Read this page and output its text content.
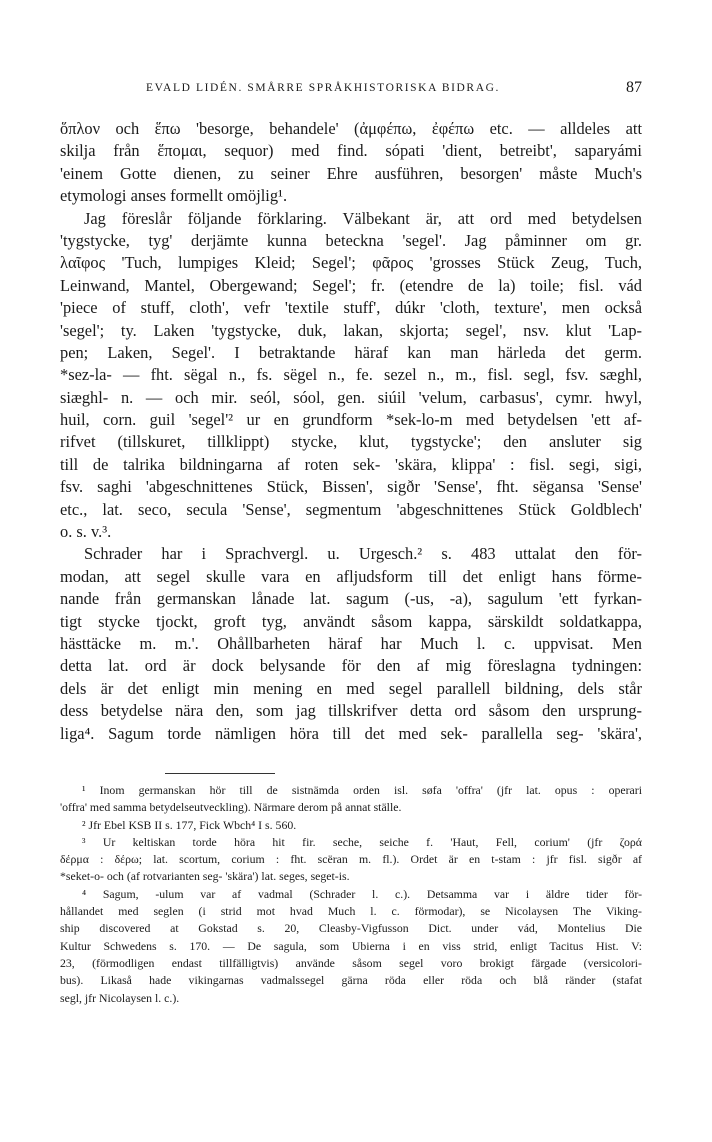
EVALD LIDÉN. SMÅRRE SPRÅKHISTORISKA BIDRAG.	87
ὅπλον och ἕπω 'besorge, behandele' (ἀμφέπω, ἐφέπω etc. — alldeles att
skilja från ἕπομαι, sequor) med find. sópati 'dient, betreibt', saparyámi
'einem Gotte dienen, zu seiner Ehre ausführen, besorgen' måste Much's
etymologi anses formellt omöjlig¹.
Jag föreslår följande förklaring. Välbekant är, att ord med betydelsen
'tygstycke, tyg' derjämte kunna beteckna 'segel'. Jag påminner om gr.
λαῖφος 'Tuch, lumpiges Kleid; Segel'; φᾶρος 'grosses Stück Zeug, Tuch,
Leinwand, Mantel, Obergewand; Segel'; fr. (etendre de la) toile; fisl. vád
'piece of stuff, cloth', vefr 'textile stuff', dúkr 'cloth, texture', men också
'segel'; ty. Laken 'tygstycke, duk, lakan, skjorta; segel', nsv. klut 'Lap-
pen; Laken, Segel'. I betraktande häraf kan man härleda det germ.
*sez-la- — fht. sëgal n., fs. sëgel n., fe. sezel n., m., fisl. segl, fsv. sæghl,
siæghl- n. — och mir. seól, sóol, gen. siúil 'velum, carbasus', cymr. hwyl,
huil, corn. guil 'segel'² ur en grundform *sek-lo-m med betydelsen 'ett af-
rifvet (tillskuret, tillklippt) stycke, klut, tygstycke'; den ansluter sig
till de talrika bildningarna af roten sek- 'skära, klippa' : fisl. segi, sigi,
fsv. saghi 'abgeschnittenes Stück, Bissen', sigðr 'Sense', fht. sëgansa 'Sense'
etc., lat. seco, secula 'Sense', segmentum 'abgeschnittenes Stück Goldblech'
o. s. v.³.
Schrader har i Sprachvergl. u. Urgesch.² s. 483 uttalat den för-
modan, att segel skulle vara en afljudsform till det enligt hans förme-
nande från germanskan lånade lat. sagum (-us, -a), sagulum 'ett fyrkan-
tigt stycke tjockt, groft tyg, användt såsom kappa, särskildt soldatkappa,
hästtäcke m. m.'. Ohållbarheten häraf har Much l. c. uppvisat. Men
detta lat. ord är dock belysande för den af mig föreslagna tydningen:
dels är det enligt min mening en med segel parallell bildning, dels står
dess betydelse nära den, som jag tillskrifver detta ord såsom den ursprung-
liga⁴. Sagum torde nämligen höra till det med sek- parallella seg- 'skära',
¹ Inom germanskan hör till de sistnämda orden isl. søfa 'offra' (jfr lat. opus : operari
'offra' med samma betydelseutveckling). Närmare derom på annat ställe.
² Jfr Ebel KSB II s. 177, Fick Wbch⁴ I s. 560.
³ Ur keltiskan torde höra hit fir. seche, seiche f. 'Haut, Fell, corium' (jfr ζορά
δέρμα : δέρω; lat. scortum, corium : fht. scëran m. fl.). Ordet är en t-stam : jfr fisl. sigðr af
*seket-o- och (af rotvarianten seg- 'skära') lat. seges, seget-is.
⁴ Sagum, -ulum var af vadmal (Schrader l. c.). Detsamma var i äldre tider för-
hållandet med seglen (i strid mot hvad Much l. c. förmodar), se Nicolaysen The Viking-
ship discovered at Gokstad s. 20, Cleasby-Vigfusson Dict. under vád, Montelius Die
Kultur Schwedens s. 170. — De sagula, som Ubierna i en viss strid, enligt Tacitus Hist. V:
23, (förmodligen endast tillfälligtvis) använde såsom segel voro brokigt färgade (versicolori-
bus). Likaså hade vikingarnas vadmalssegel gärna röda eller röda och blå ränder (stafat
segl, jfr Nicolaysen l. c.).
